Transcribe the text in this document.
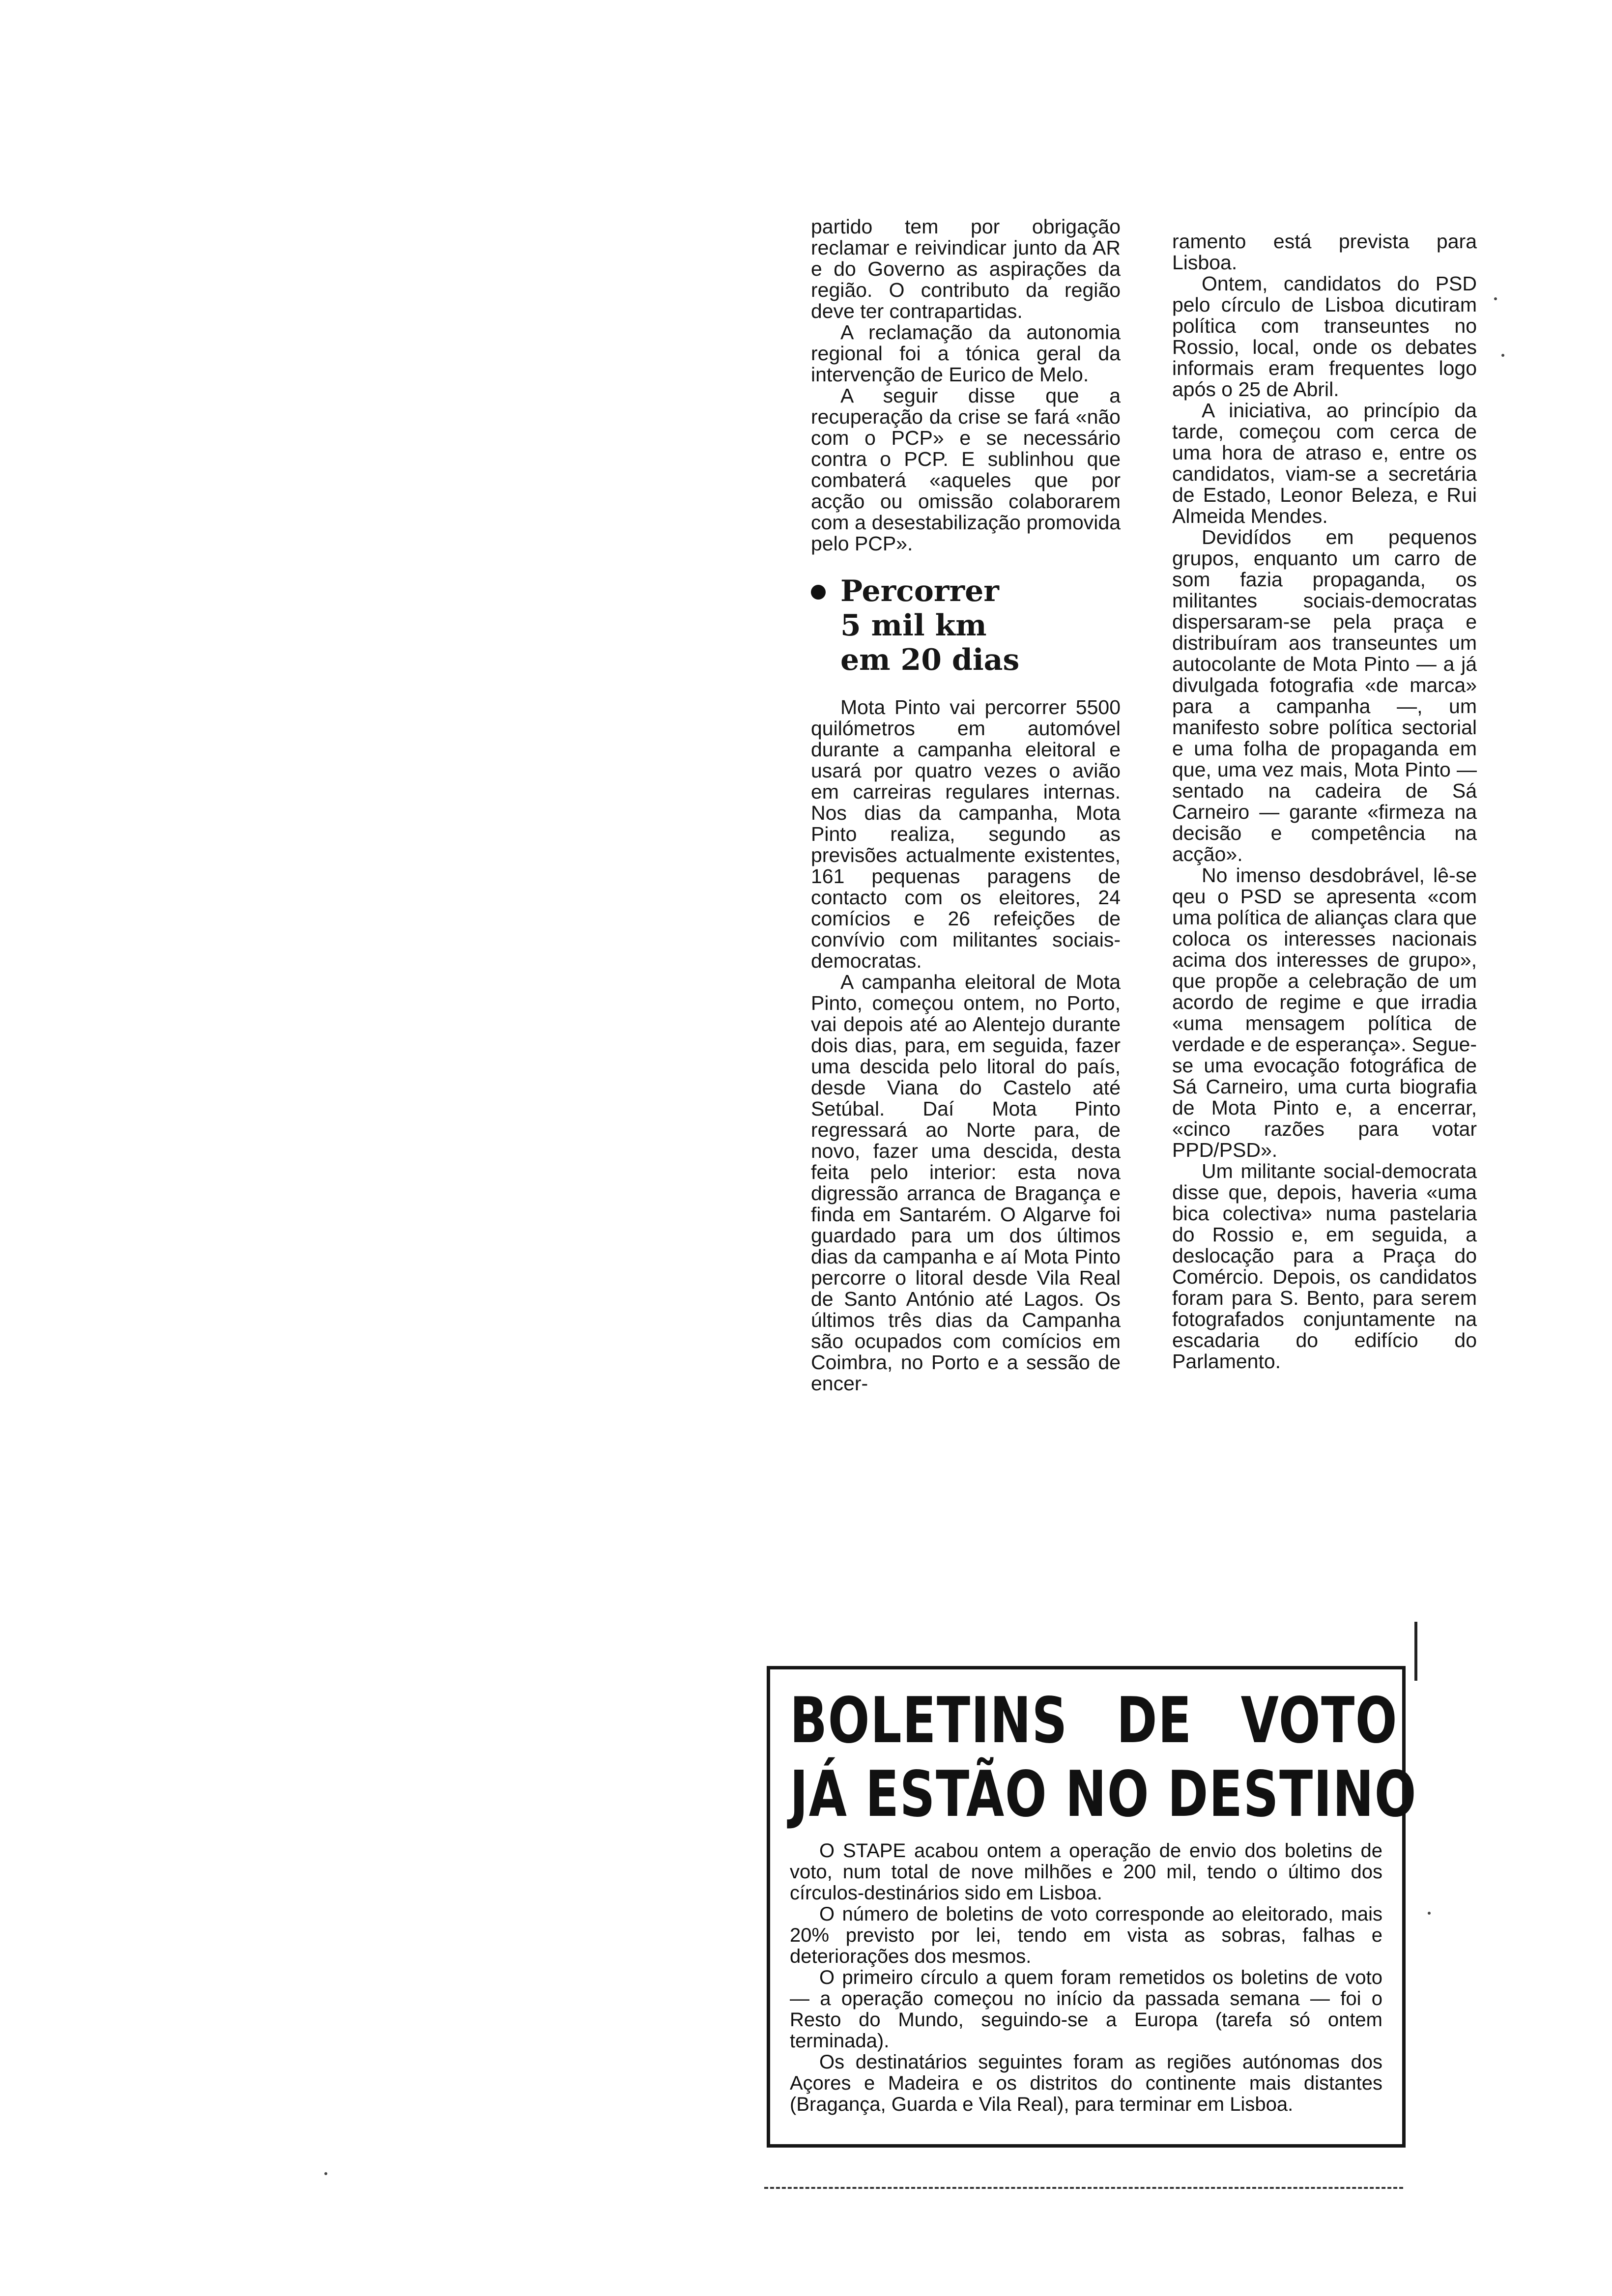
partido tem por obrigação reclamar e reivindicar junto da AR e do Governo as aspirações da região. O contributo da região deve ter contrapartidas.

A reclamação da autonomia regional foi a tónica geral da intervenção de Eurico de Melo.

A seguir disse que a recuperação da crise se fará «não com o PCP» e se necessário contra o PCP. E sublinhou que combaterá «aqueles que por acção ou omissão colaborarem com a desestabilização promovida pelo PCP».

Percorrer
5 mil km
em 20 dias

Mota Pinto vai percorrer 5500 quilómetros em automóvel durante a campanha eleitoral e usará por quatro vezes o avião em carreiras regulares internas. Nos dias da campanha, Mota Pinto realiza, segundo as previsões actualmente existentes, 161 pequenas paragens de contacto com os eleitores, 24 comícios e 26 refeições de convívio com militantes sociais-democratas.

A campanha eleitoral de Mota Pinto, começou ontem, no Porto, vai depois até ao Alentejo durante dois dias, para, em seguida, fazer uma descida pelo litoral do país, desde Viana do Castelo até Setúbal. Daí Mota Pinto regressará ao Norte para, de novo, fazer uma descida, desta feita pelo interior: esta nova digressão arranca de Bragança e finda em Santarém. O Algarve foi guardado para um dos últimos dias da campanha e aí Mota Pinto percorre o litoral desde Vila Real de Santo António até Lagos. Os últimos três dias da Campanha são ocupados com comícios em Coimbra, no Porto e a sessão de encer-

ramento está prevista para Lisboa.

Ontem, candidatos do PSD pelo círculo de Lisboa dicutiram política com transeuntes no Rossio, local, onde os debates informais eram frequentes logo após o 25 de Abril.

A iniciativa, ao princípio da tarde, começou com cerca de uma hora de atraso e, entre os candidatos, viam-se a secretária de Estado, Leonor Beleza, e Rui Almeida Mendes.

Devidídos em pequenos grupos, enquanto um carro de som fazia propaganda, os militantes sociais-democratas dispersaram-se pela praça e distribuíram aos transeuntes um autocolante de Mota Pinto — a já divulgada fotografia «de marca» para a campanha —, um manifesto sobre política sectorial e uma folha de propaganda em que, uma vez mais, Mota Pinto — sentado na cadeira de Sá Carneiro — garante «firmeza na decisão e competência na acção».

No imenso desdobrável, lê-se qeu o PSD se apresenta «com uma política de alianças clara que coloca os interesses nacionais acima dos interesses de grupo», que propõe a celebração de um acordo de regime e que irradia «uma mensagem política de verdade e de esperança». Segue-se uma evocação fotográfica de Sá Carneiro, uma curta biografia de Mota Pinto e, a encerrar, «cinco razões para votar PPD/PSD».

Um militante social-democrata disse que, depois, haveria «uma bica colectiva» numa pastelaria do Rossio e, em seguida, a deslocação para a Praça do Comércio. Depois, os candidatos foram para S. Bento, para serem fotografados conjuntamente na escadaria do edifício do Parlamento.

BOLETINS DE VOTO
JÁ ESTÃO NO DESTINO

O STAPE acabou ontem a operação de envio dos boletins de voto, num total de nove milhões e 200 mil, tendo o último dos círculos-destinários sido em Lisboa.

O número de boletins de voto corresponde ao eleitorado, mais 20% previsto por lei, tendo em vista as sobras, falhas e deteriorações dos mesmos.

O primeiro círculo a quem foram remetidos os boletins de voto — a operação começou no início da passada semana — foi o Resto do Mundo, seguindo-se a Europa (tarefa só ontem terminada).

Os destinatários seguintes foram as regiões autónomas dos Açores e Madeira e os distritos do continente mais distantes (Bragança, Guarda e Vila Real), para terminar em Lisboa.
